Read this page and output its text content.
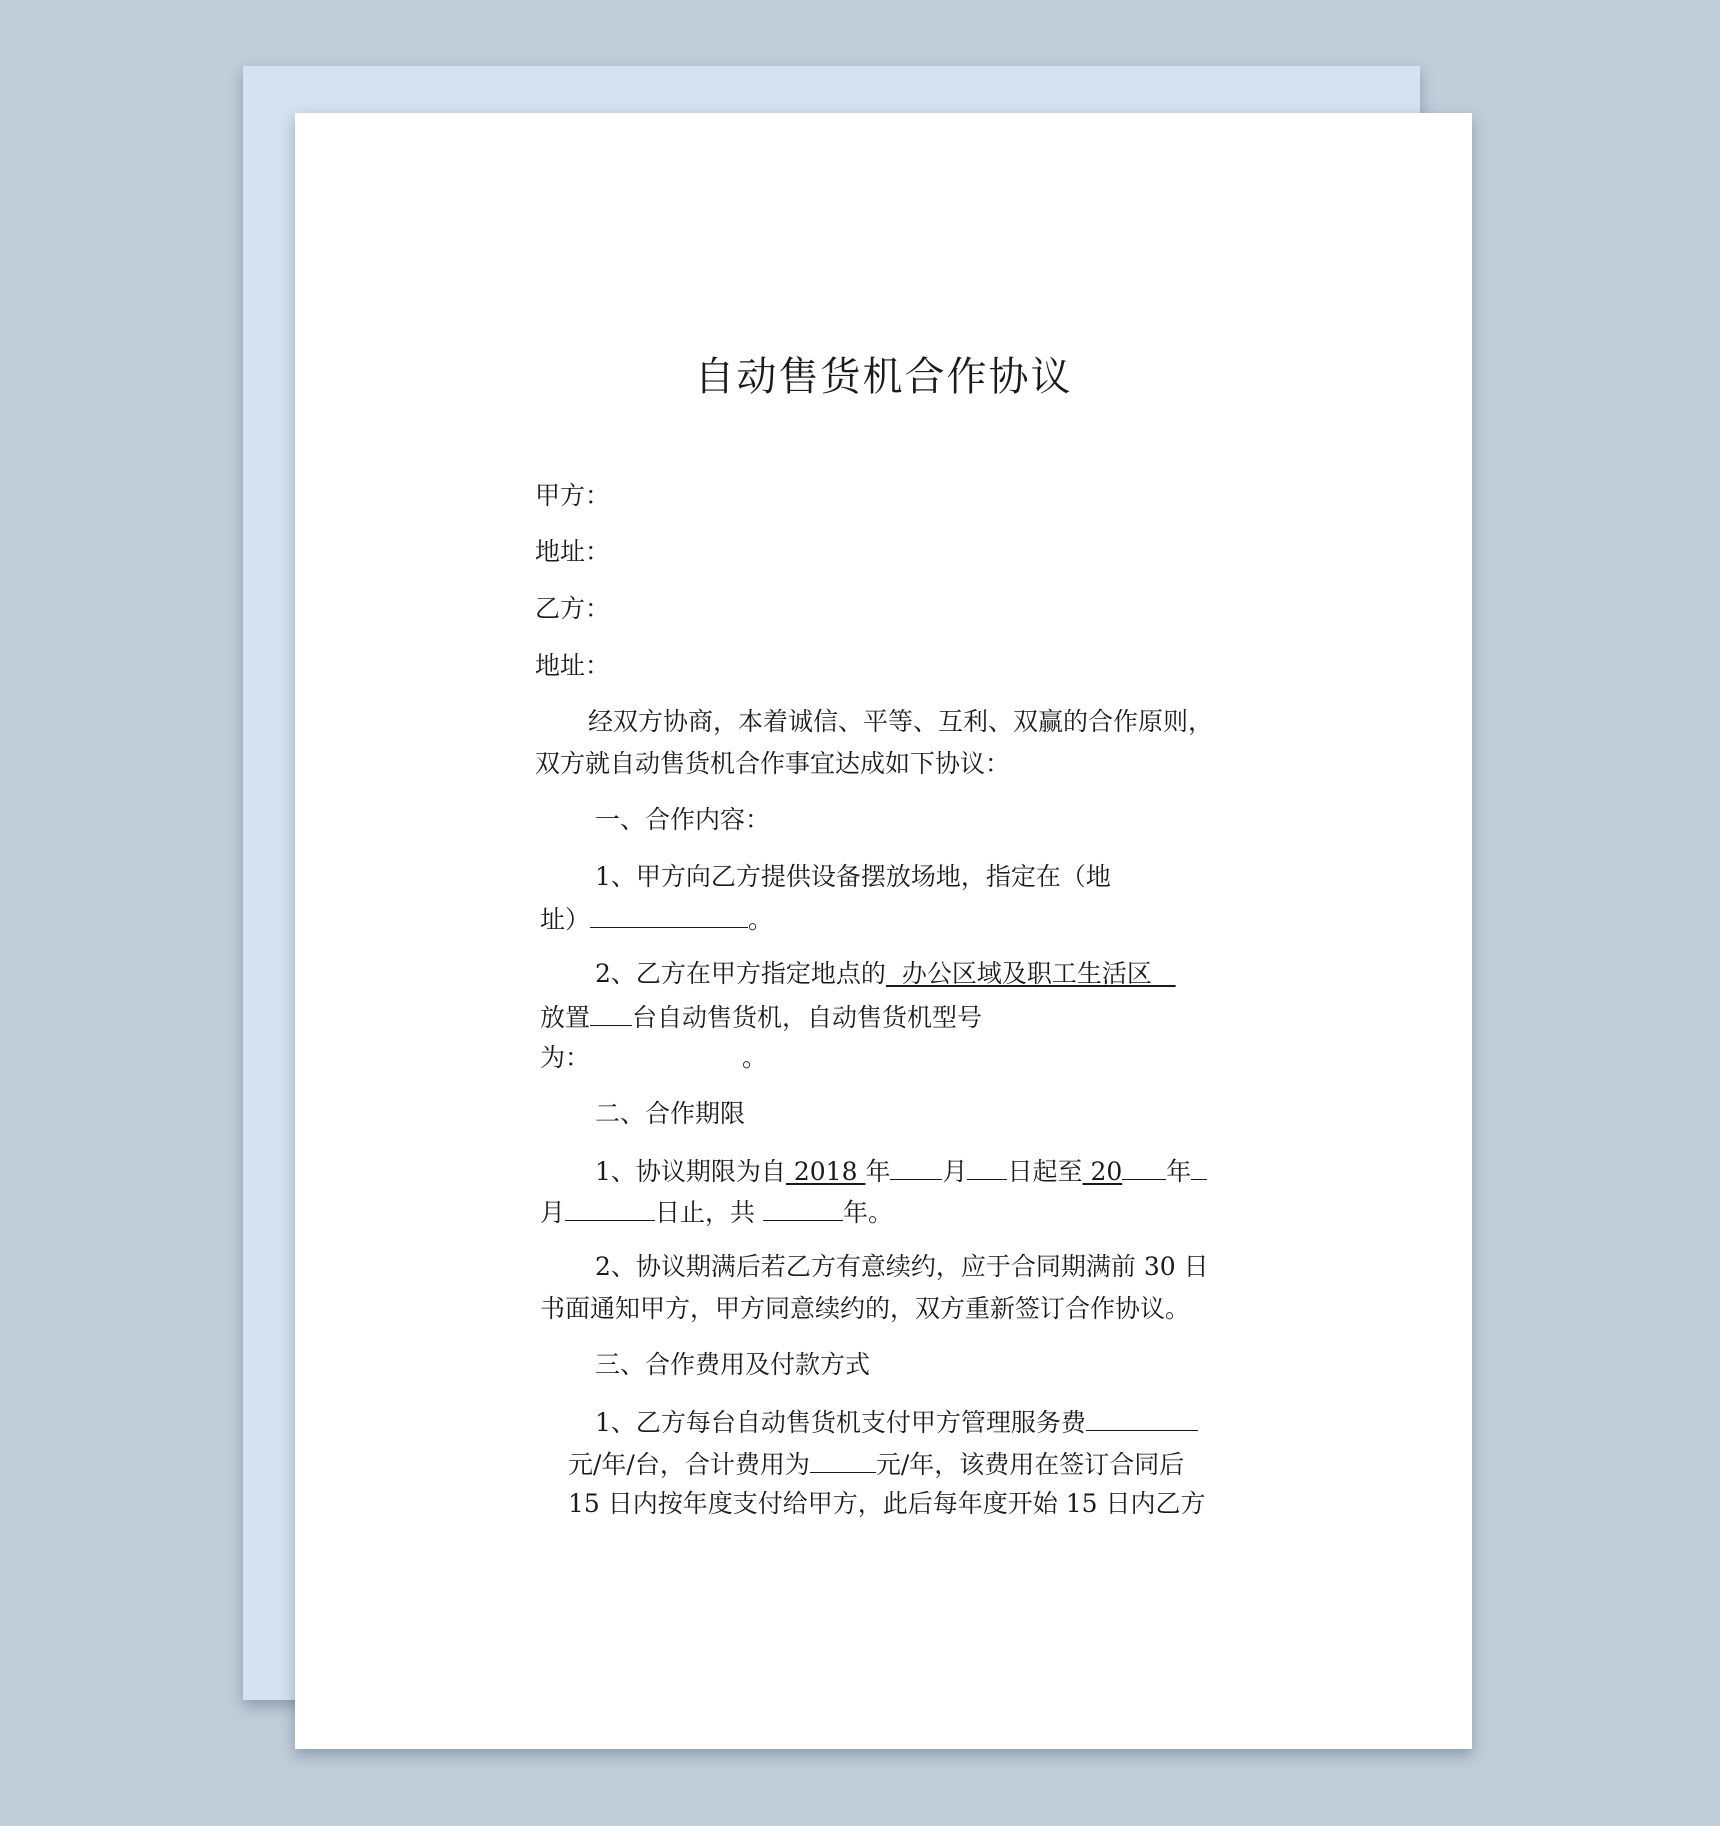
自动售货机合作协议
甲方：
地址：
乙方：
地址：
经双方协商，本着诚信、平等、互利、双赢的合作原则，
双方就自动售货机合作事宜达成如下协议：
一、合作内容：
1、甲方向乙方提供设备摆放场地，指定在（地
址）	。
2、乙方在甲方指定地点的  办公区域及职工生活区
放置 台自动售货机，自动售货机型号
为：	。
二、合作期限
1、协议期限为自 2018 年 月 日起至 20 年
月	日止，共	年。
2、协议期满后若乙方有意续约，应于合同期满前 30 日
书面通知甲方，甲方同意续约的，双方重新签订合作协议。
三、合作费用及付款方式
1、乙方每台自动售货机支付甲方管理服务费
元/年/台，合计费用为	元/年，该费用在签订合同后
15 日内按年度支付给甲方，此后每年度开始 15 日内乙方
